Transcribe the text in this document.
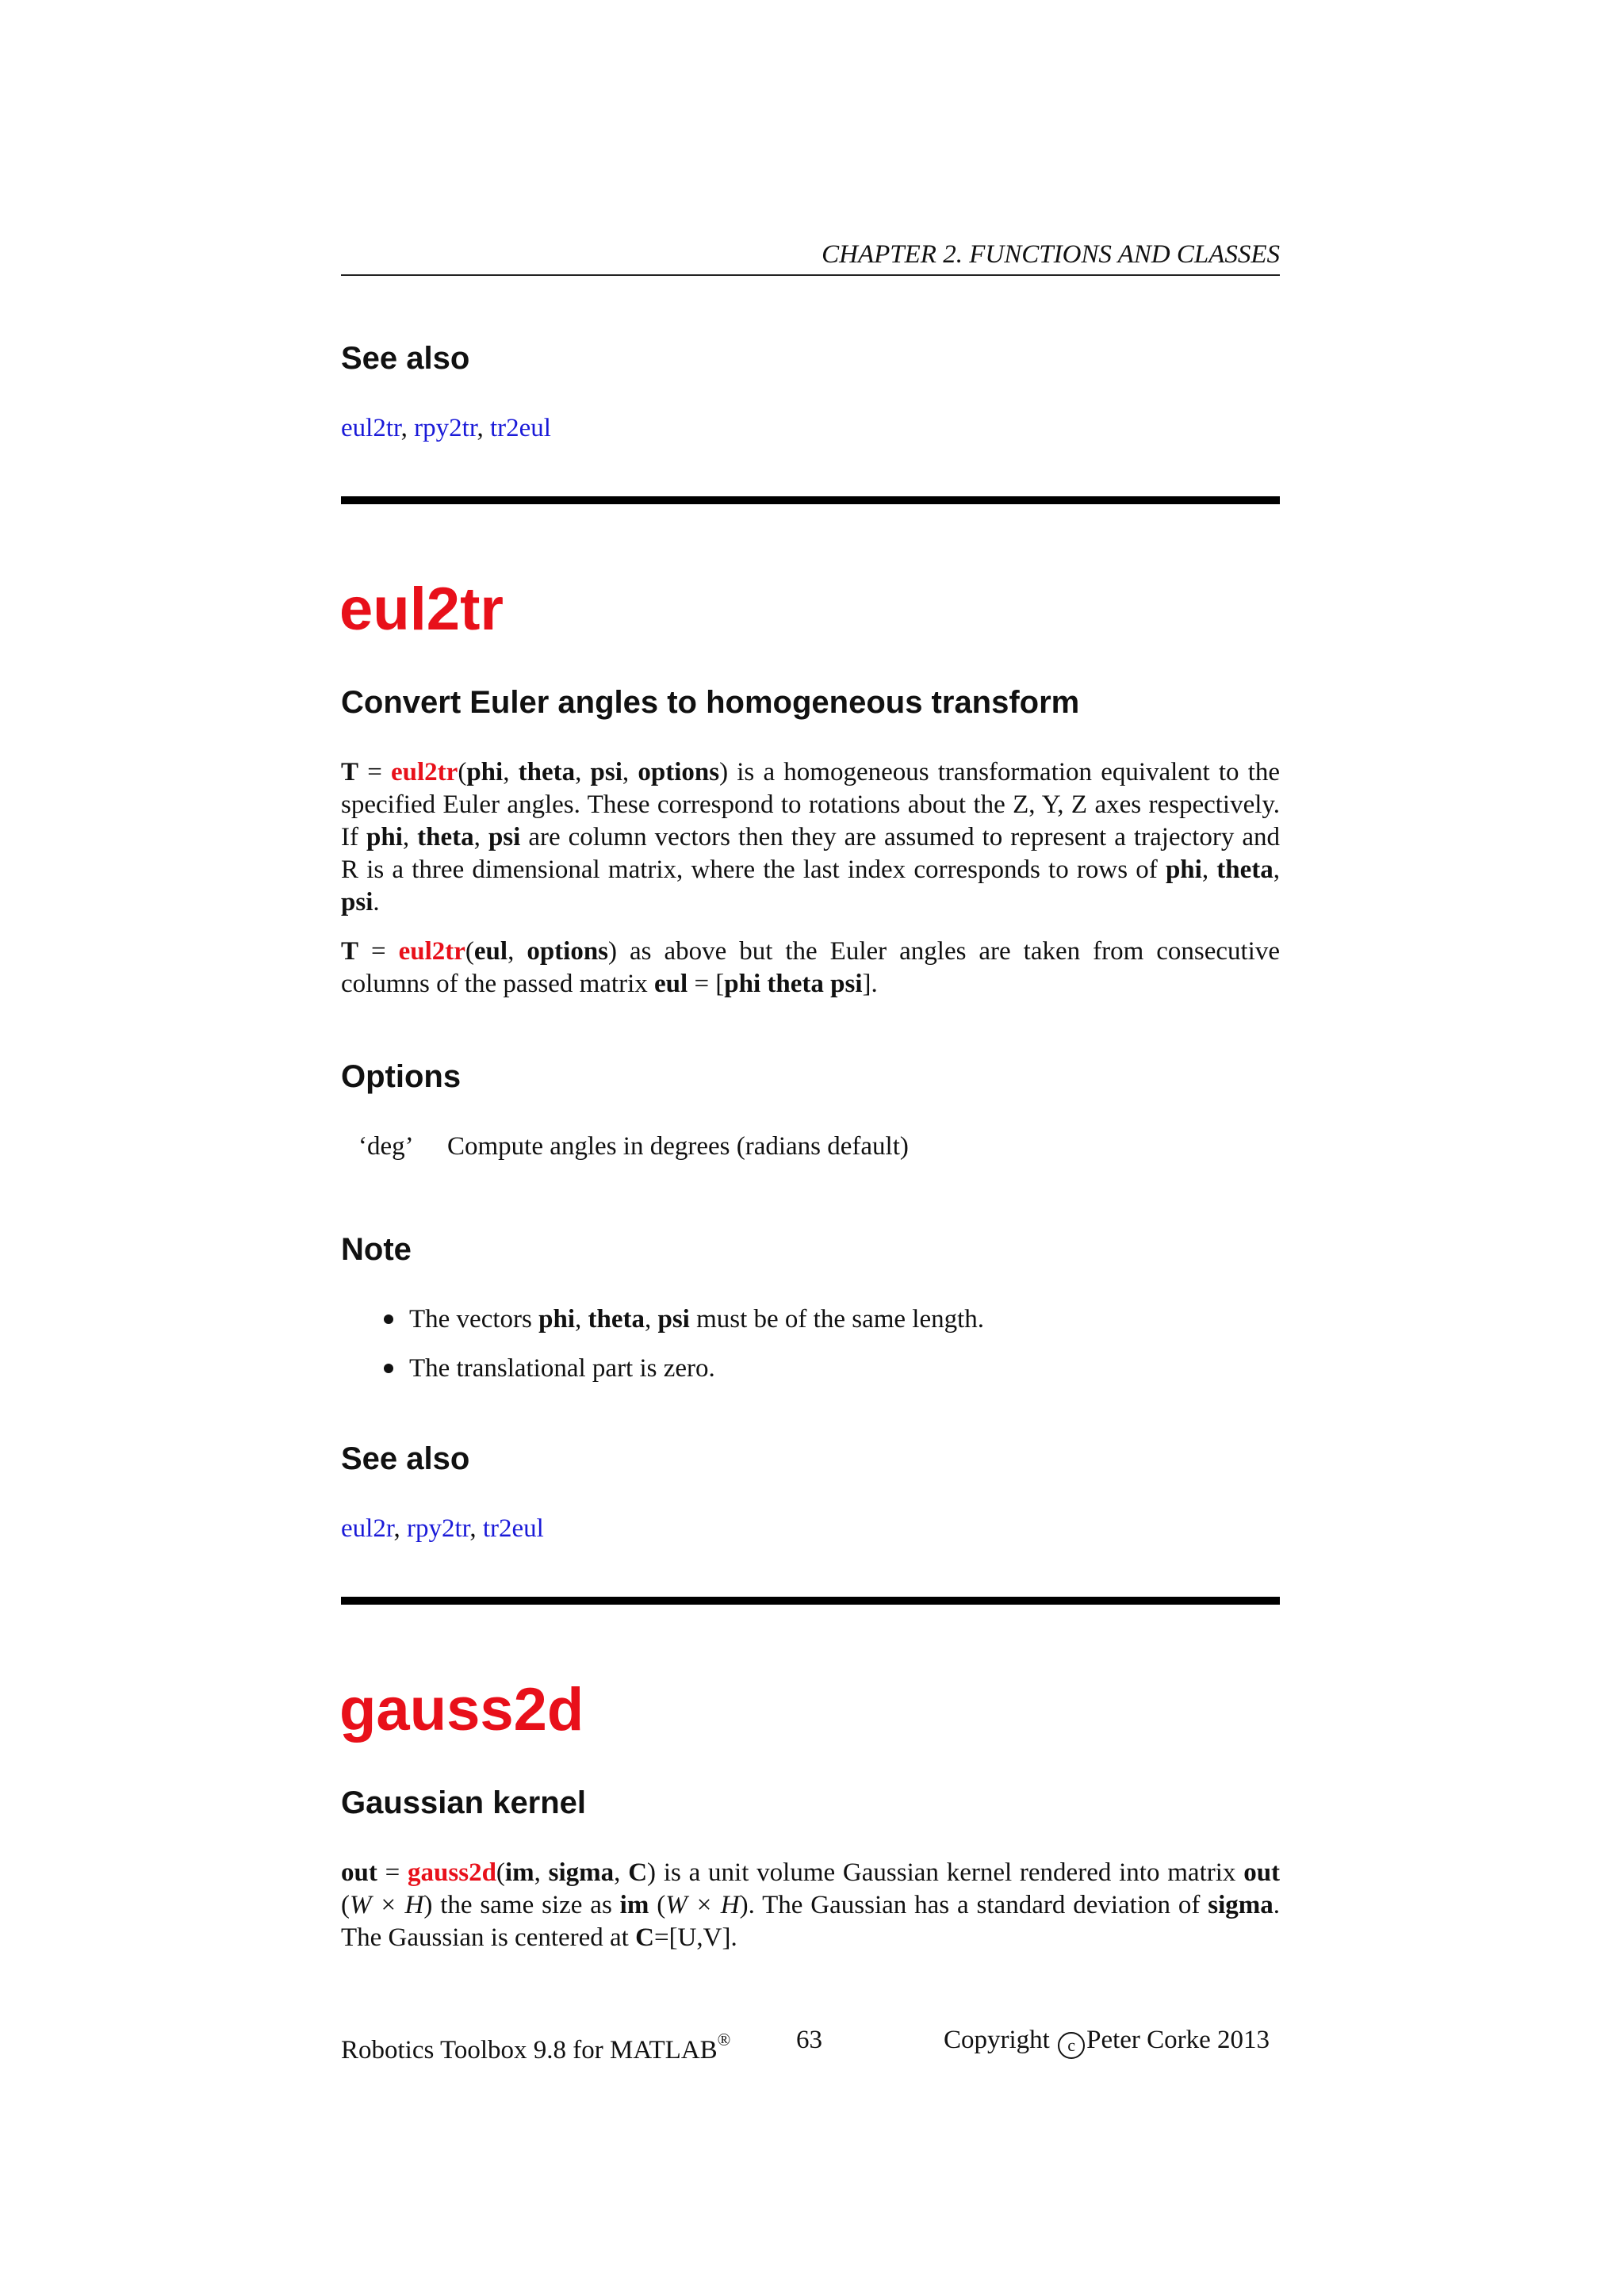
CHAPTER 2. FUNCTIONS AND CLASSES
See also
eul2tr, rpy2tr, tr2eul
eul2tr
Convert Euler angles to homogeneous transform

T = eul2tr(phi, theta, psi, options) is a homogeneous transformation equivalent to the specified Euler angles. These correspond to rotations about the Z, Y, Z axes respectively. If phi, theta, psi are column vectors then they are assumed to represent a trajectory and R is a three dimensional matrix, where the last index corresponds to rows of phi, theta, psi.

T = eul2tr(eul, options) as above but the Euler angles are taken from consecutive columns of the passed matrix eul = [phi theta psi].

Options
‘deg’ Compute angles in degrees (radians default)
Note
The vectors phi, theta, psi must be of the same length.
The translational part is zero.
See also
eul2r, rpy2tr, tr2eul
gauss2d
Gaussian kernel

out = gauss2d(im, sigma, C) is a unit volume Gaussian kernel rendered into matrix out (W × H) the same size as im (W × H). The Gaussian has a standard deviation of sigma. The Gaussian is centered at C=[U,V].

Robotics Toolbox 9.8 for MATLAB®	63	Copyright c Peter Corke 2013
